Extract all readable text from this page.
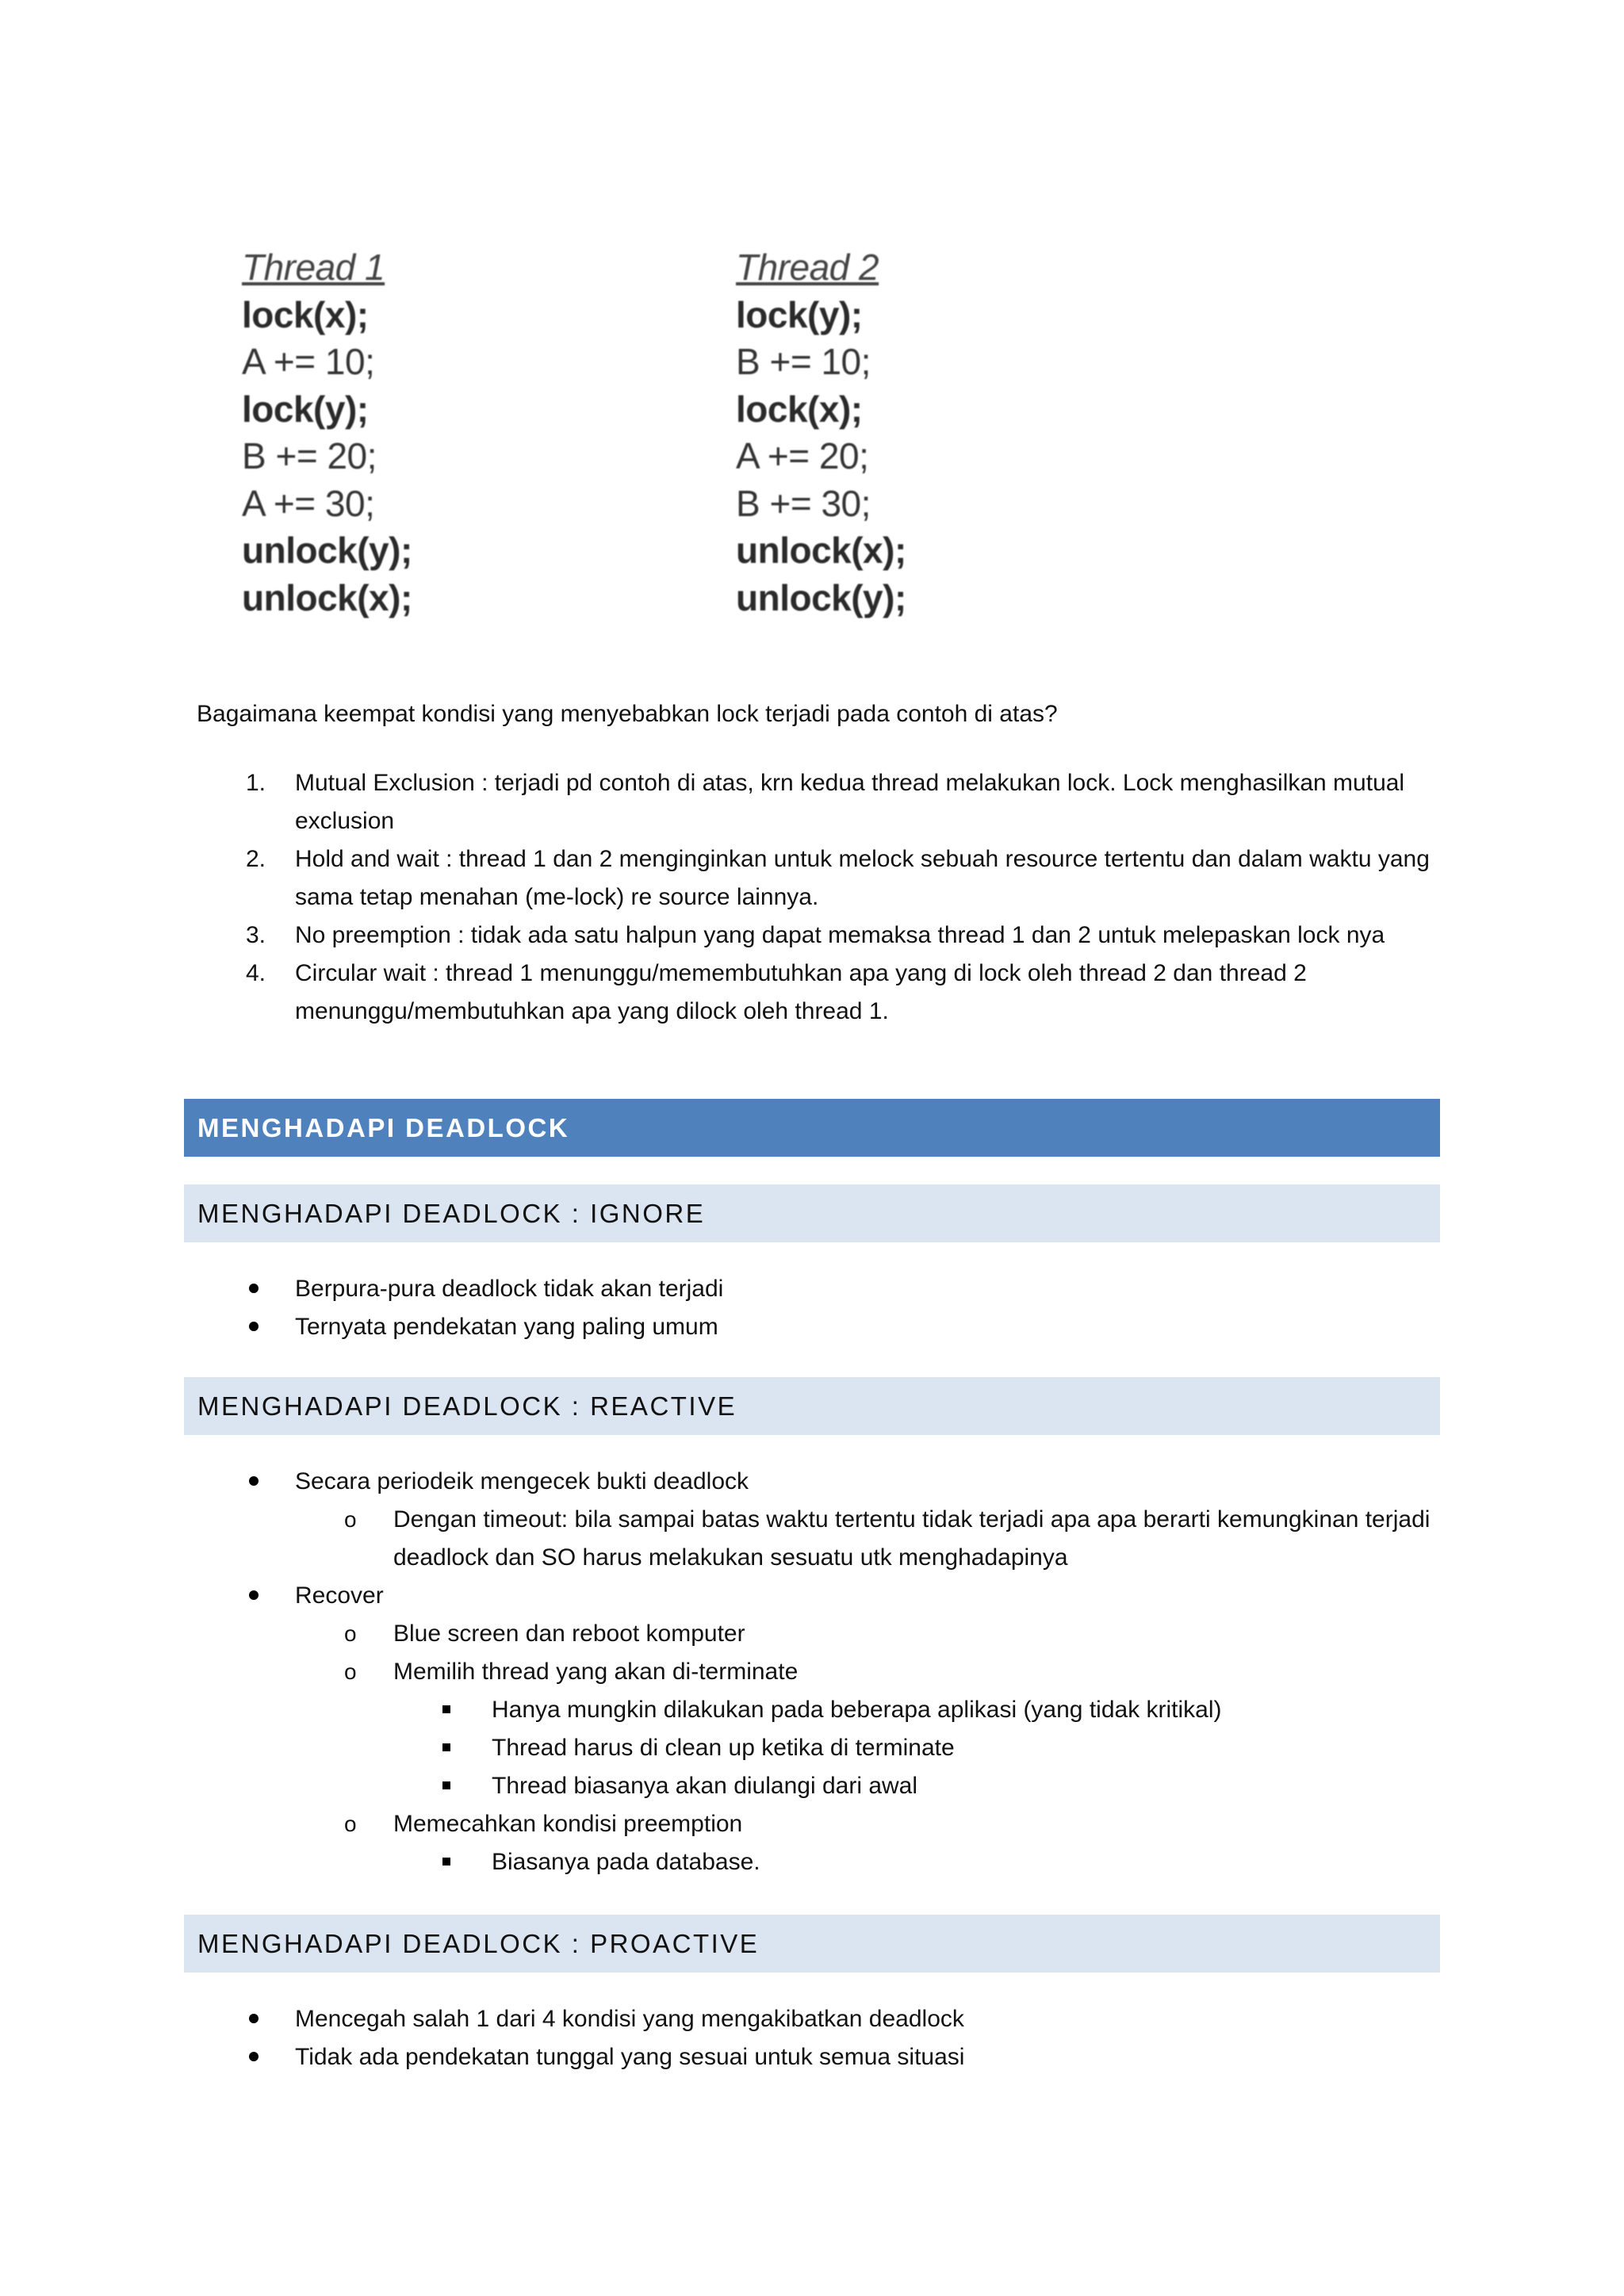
Thread 1
lock(x);
A += 10;
lock(y);
B += 20;
A += 30;
unlock(y);
unlock(x);
Thread 2
lock(y);
B += 10;
lock(x);
A += 20;
B += 30;
unlock(x);
unlock(y);
Bagaimana keempat kondisi yang menyebabkan lock terjadi pada contoh di atas?
1. Mutual Exclusion : terjadi pd contoh di atas, krn kedua thread melakukan lock. Lock menghasilkan mutual exclusion
2. Hold and wait : thread 1 dan 2 menginginkan untuk melock sebuah resource tertentu dan dalam waktu yang sama tetap menahan (me-lock) re source lainnya.
3. No preemption : tidak ada satu halpun yang dapat memaksa thread 1 dan 2 untuk melepaskan lock nya
4. Circular wait : thread 1 menunggu/memembutuhkan apa yang di lock oleh thread 2 dan thread 2 menunggu/membutuhkan apa yang dilock oleh thread 1.
MENGHADAPI DEADLOCK
MENGHADAPI DEADLOCK : IGNORE
Berpura-pura deadlock tidak akan terjadi
Ternyata pendekatan yang paling umum
MENGHADAPI DEADLOCK : REACTIVE
Secara periodeik mengecek bukti deadlock
o Dengan timeout: bila sampai batas waktu tertentu tidak terjadi apa apa berarti kemungkinan terjadi deadlock dan SO harus melakukan sesuatu utk menghadapinya
Recover
o Blue screen dan reboot komputer
o Memilih thread yang akan di-terminate
Hanya mungkin dilakukan pada beberapa aplikasi (yang tidak kritikal)
Thread harus di clean up ketika di terminate
Thread biasanya akan diulangi dari awal
o Memecahkan kondisi preemption
Biasanya pada database.
MENGHADAPI DEADLOCK : PROACTIVE
Mencegah salah 1 dari 4 kondisi yang mengakibatkan deadlock
Tidak ada pendekatan tunggal yang sesuai untuk semua situasi
